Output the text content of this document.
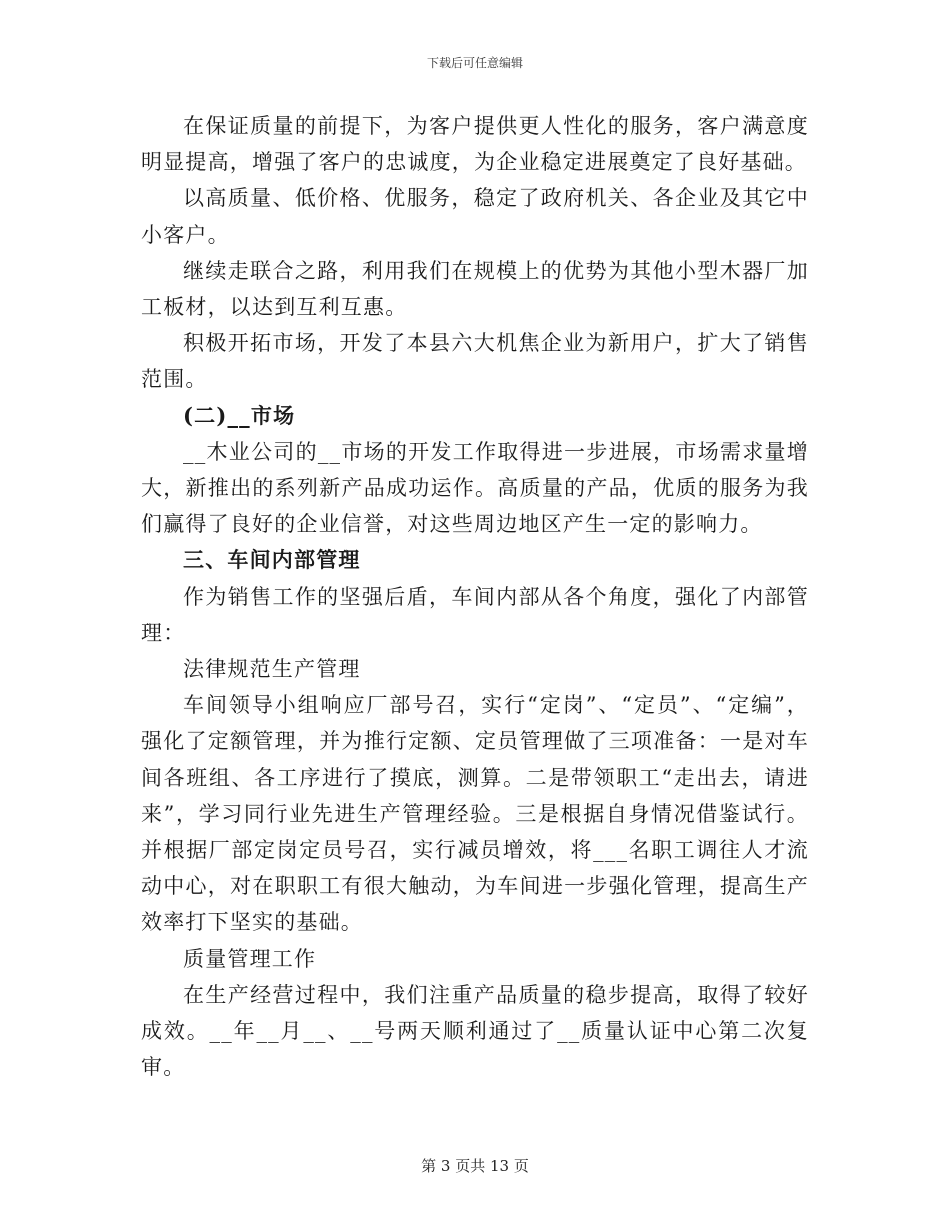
下载后可任意编辑

在保证质量的前提下，为客户提供更人性化的服务，客户满意度明显提高，增强了客户的忠诚度，为企业稳定进展奠定了良好基础。

以高质量、低价格、优服务，稳定了政府机关、各企业及其它中小客户。

继续走联合之路，利用我们在规模上的优势为其他小型木器厂加工板材，以达到互利互惠。

积极开拓市场，开发了本县六大机焦企业为新用户，扩大了销售范围。

(二)__市场

__木业公司的__市场的开发工作取得进一步进展，市场需求量增大，新推出的系列新产品成功运作。高质量的产品，优质的服务为我们赢得了良好的企业信誉，对这些周边地区产生一定的影响力。

三、车间内部管理

作为销售工作的坚强后盾，车间内部从各个角度，强化了内部管理：

法律规范生产管理

车间领导小组响应厂部号召，实行“定岗”、“定员”、“定编”，强化了定额管理，并为推行定额、定员管理做了三项准备：一是对车间各班组、各工序进行了摸底，测算。二是带领职工“走出去，请进来”，学习同行业先进生产管理经验。三是根据自身情况借鉴试行。并根据厂部定岗定员号召，实行减员增效，将___名职工调往人才流动中心，对在职职工有很大触动，为车间进一步强化管理，提高生产效率打下坚实的基础。

质量管理工作

在生产经营过程中，我们注重产品质量的稳步提高，取得了较好成效。__年__月__、__号两天顺利通过了__质量认证中心第二次复审。

第 3 页共 13 页
